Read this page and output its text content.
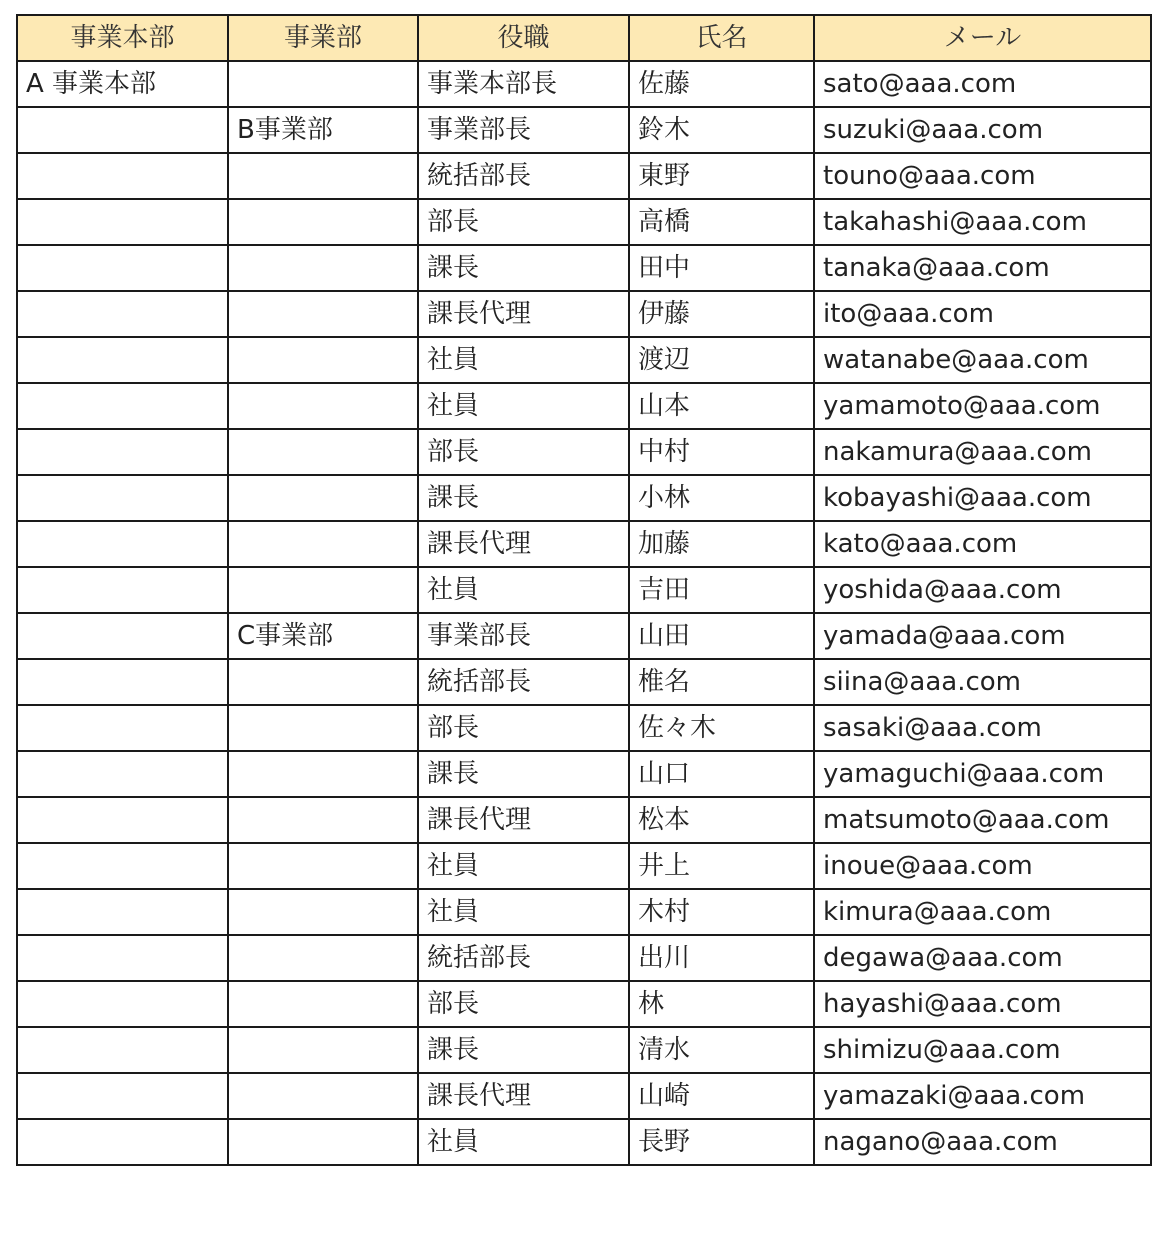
事業本部	事業部	役職	氏名	メール
A 事業本部		事業本部長	佐藤	sato@aaa.com
	B事業部	事業部長	鈴木	suzuki@aaa.com
		統括部長	東野	touno@aaa.com
		部長	高橋	takahashi@aaa.com
		課長	田中	tanaka@aaa.com
		課長代理	伊藤	ito@aaa.com
		社員	渡辺	watanabe@aaa.com
		社員	山本	yamamoto@aaa.com
		部長	中村	nakamura@aaa.com
		課長	小林	kobayashi@aaa.com
		課長代理	加藤	kato@aaa.com
		社員	吉田	yoshida@aaa.com
	C事業部	事業部長	山田	yamada@aaa.com
		統括部長	椎名	siina@aaa.com
		部長	佐々木	sasaki@aaa.com
		課長	山口	yamaguchi@aaa.com
		課長代理	松本	matsumoto@aaa.com
		社員	井上	inoue@aaa.com
		社員	木村	kimura@aaa.com
		統括部長	出川	degawa@aaa.com
		部長	林	hayashi@aaa.com
		課長	清水	shimizu@aaa.com
		課長代理	山崎	yamazaki@aaa.com
		社員	長野	nagano@aaa.com
